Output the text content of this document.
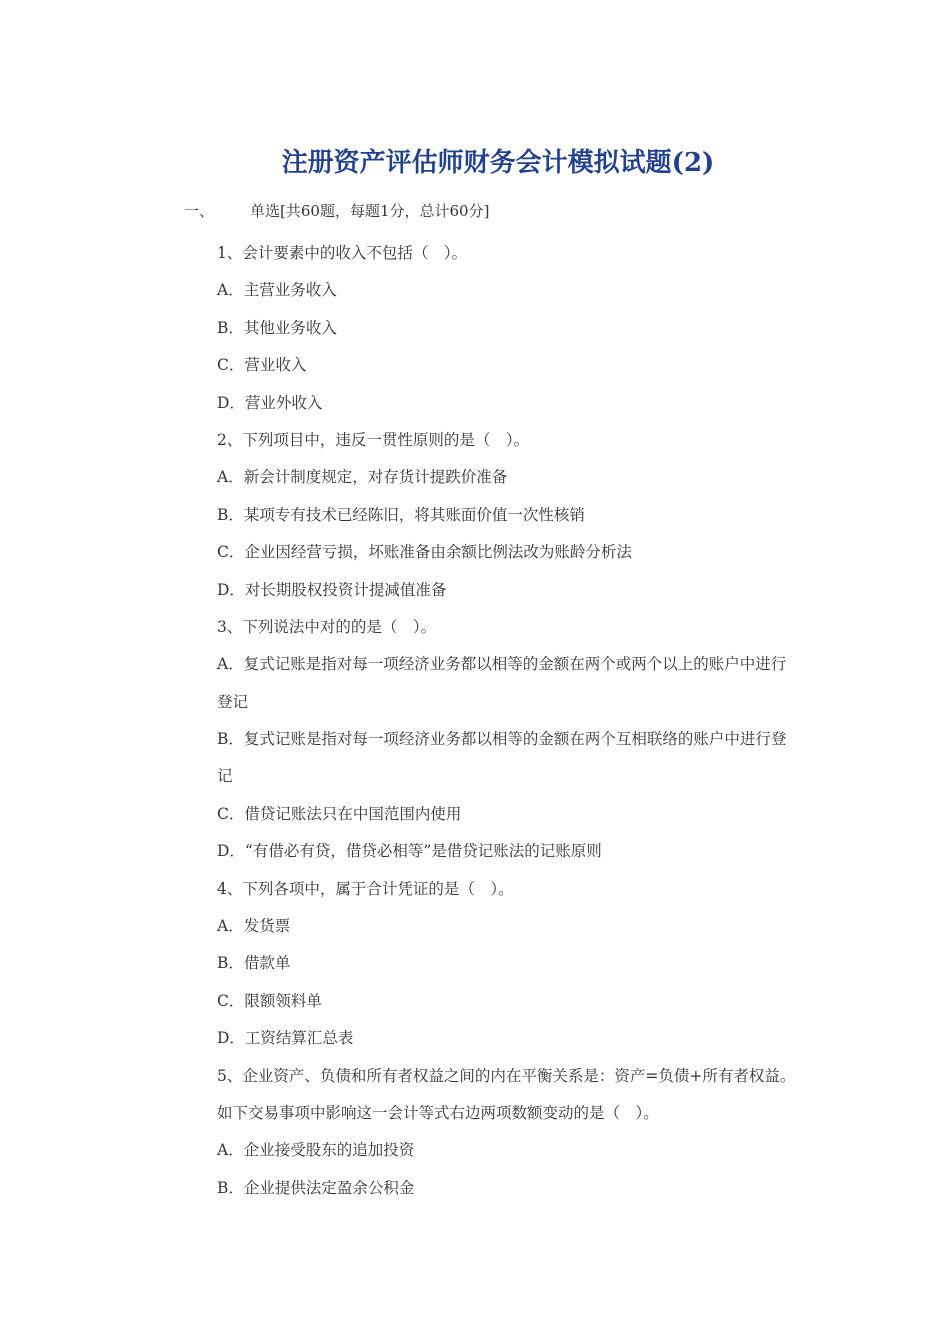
注册资产评估师财务会计模拟试题(2)
一、 单选[共60题，每题1分，总计60分]
1、会计要素中的收入不包括（　）。
A．主营业务收入
B．其他业务收入
C．营业收入
D．营业外收入
2、下列项目中，违反一贯性原则的是（　）。
A．新会计制度规定，对存货计提跌价准备
B．某项专有技术已经陈旧，将其账面价值一次性核销
C．企业因经营亏损，坏账准备由余额比例法改为账龄分析法
D．对长期股权投资计提减值准备
3、下列说法中对的的是（　）。
A．复式记账是指对每一项经济业务都以相等的金额在两个或两个以上的账户中进行
登记
B．复式记账是指对每一项经济业务都以相等的金额在两个互相联络的账户中进行登
记
C．借贷记账法只在中国范围内使用
D．“有借必有贷，借贷必相等”是借贷记账法的记账原则
4、下列各项中，属于合计凭证的是（　）。
A．发货票
B．借款单
C．限额领料单
D．工资结算汇总表
5、企业资产、负债和所有者权益之间的内在平衡关系是：资产=负债+所有者权益。
如下交易事项中影响这一会计等式右边两项数额变动的是（　）。
A．企业接受股东的追加投资
B．企业提供法定盈余公积金
